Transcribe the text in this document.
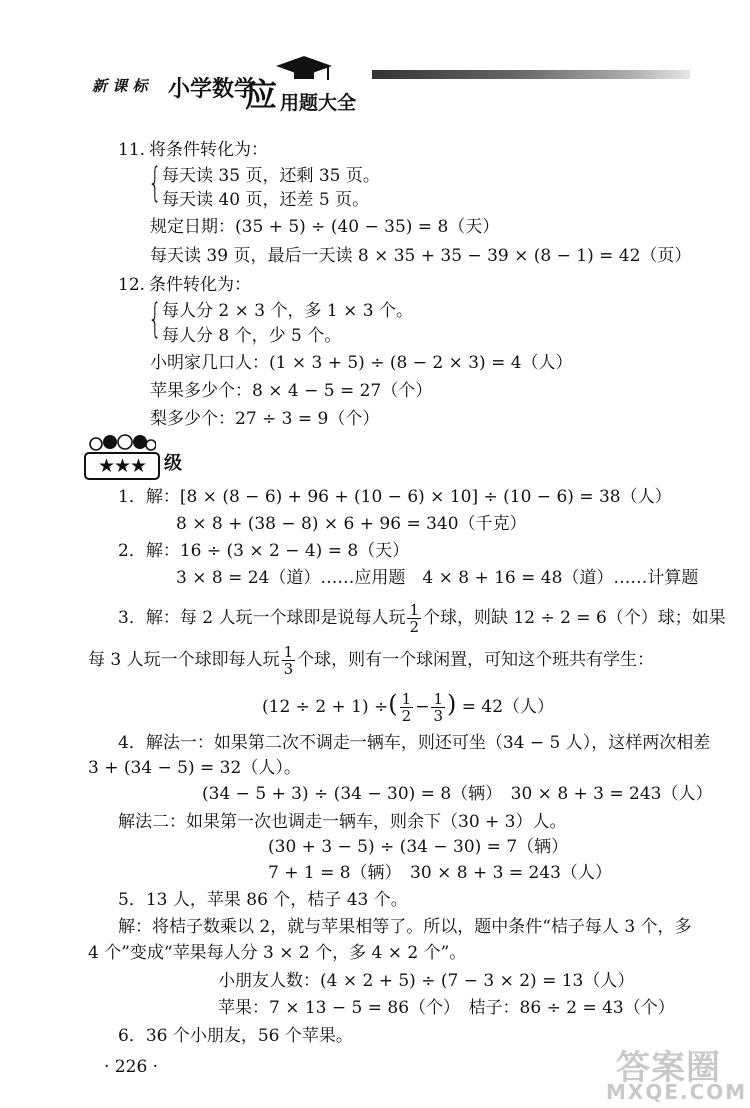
新 课 标 小学数学
应 用题大全
11. 将条件转化为：
{ 每天读 35 页，还剩 35 页。
每天读 40 页，还差 5 页。
规定日期：(35 + 5) ÷ (40 − 35) = 8（天）
每天读 39 页，最后一天读 8 × 35 + 35 − 39 × (8 − 1) = 42（页）
12. 条件转化为：
{ 每人分 2 × 3 个，多 1 × 3 个。
每人分 8 个，少 5 个。
小明家几口人：(1 × 3 + 5) ÷ (8 − 2 × 3) = 4（人）
苹果多少个：8 × 4 − 5 = 27（个）
梨多少个：27 ÷ 3 = 9（个）
★★★ 级
1．解：[8 × (8 − 6) + 96 + (10 − 6) × 10] ÷ (10 − 6) = 38（人）
8 × 8 + (38 − 8) × 6 + 96 = 340（千克）
2．解：16 ÷ (3 × 2 − 4) = 8（天）
3 × 8 = 24（道）……应用题　4 × 8 + 16 = 48（道）……计算题
3．解：每 2 人玩一个球即是说每人玩 $\frac{1}{2}$ 个球，则缺 12 ÷ 2 = 6（个）球；如果
每 3 人玩一个球即每人玩 $\frac{1}{3}$ 个球，则有一个球闲置，可知这个班共有学生：
(12 ÷ 2 + 1) ÷( $\frac{1}{2} - \frac{1}{3}$ ) = 42（人）
4．解法一：如果第二次不调走一辆车，则还可坐（34 − 5 人），这样两次相差
3 + (34 − 5) = 32（人）。
(34 − 5 + 3) ÷ (34 − 30) = 8（辆）　30 × 8 + 3 = 243（人）
解法二：如果第一次也调走一辆车，则余下（30 + 3）人。
(30 + 3 − 5) ÷ (34 − 30) = 7（辆）
7 + 1 = 8（辆）　30 × 8 + 3 = 243（人）
5．13 人，苹果 86 个，桔子 43 个。
解：将桔子数乘以 2，就与苹果相等了。所以，题中条件“桔子每人 3 个，多
4 个”变成“苹果每人分 3 × 2 个，多 4 × 2 个”。
小朋友人数：(4 × 2 + 5) ÷ (7 − 3 × 2) = 13（人）
苹果：7 × 13 − 5 = 86（个）　桔子：86 ÷ 2 = 43（个）
6．36 个小朋友，56 个苹果。
· 226 ·	答案圈
MXQE.COM
